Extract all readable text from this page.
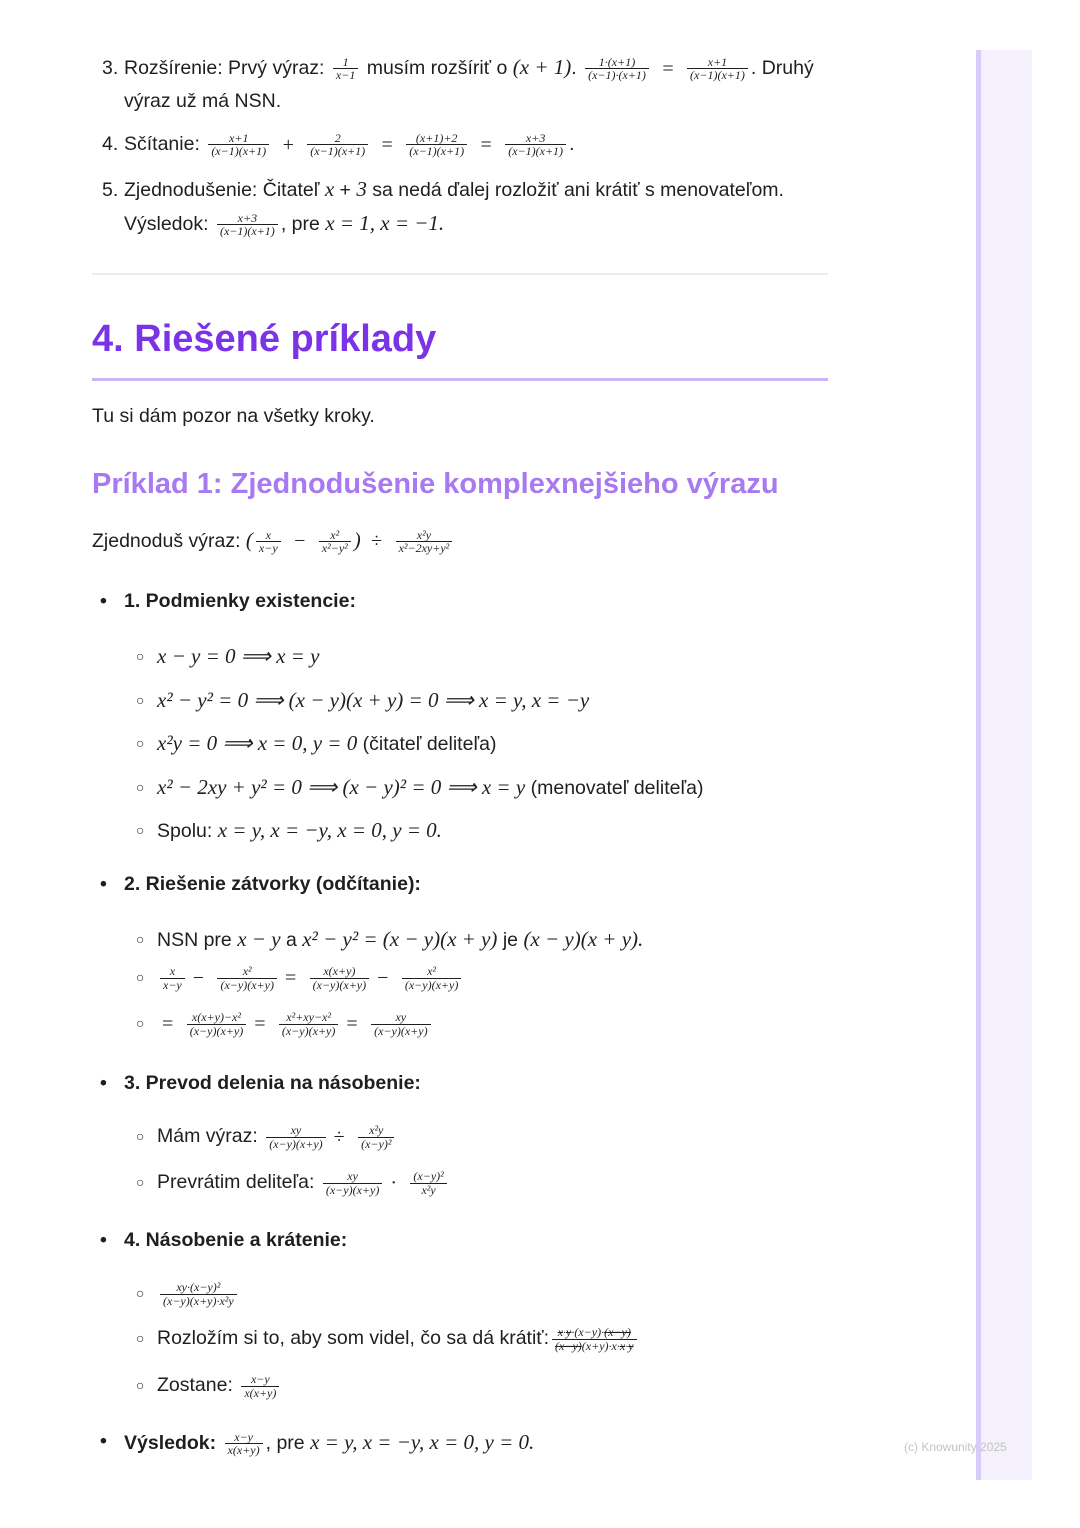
(c) Knowunity 2025
3. Rozšírenie: Prvý výraz: $\frac{1}{x-1}$ musím rozšíriť o (x + 1). $\frac{1\cdot(x+1)}{(x-1)\cdot(x+1)} = \frac{x+1}{(x-1)(x+1)}$ . Druhý
výraz už má NSN.
4. Sčítanie: $\frac{x+1}{(x-1)(x+1)} + \frac{2}{(x-1)(x+1)} = \frac{(x+1)+2}{(x-1)(x+1)} = \frac{x+3}{(x-1)(x+1)}$ .
5. Zjednodušenie: Čitateľ x + 3 sa nedá ďalej rozložiť ani krátiť s menovateľom.
Výsledok: $\frac{x+3}{(x-1)(x+1)}$ , pre x = 1, x = −1.
4. Riešené príklady
Tu si dám pozor na všetky kroky.
Príklad 1: Zjednodušenie komplexnejšieho výrazu
Zjednoduš výraz: ( $\frac{x}{x-y} - \frac{\text{x²}}{\text{x²−y²}}$ ) ÷ $\frac{\text{x²y}}{\text{x²−2xy+y²}}$
• 1. Podmienky existencie:
○ x − y = 0 ⟹ x = y
○ x² − y² = 0 ⟹ (x − y)(x + y) = 0 ⟹ x = y, x = −y
○ x²y = 0 ⟹ x = 0, y = 0 (čitateľ deliteľa)
○ x² − 2xy + y² = 0 ⟹ (x − y)² = 0 ⟹ x = y (menovateľ deliteľa)
○ Spolu: x = y, x = −y, x = 0, y = 0.
• 2. Riešenie zátvorky (odčítanie):
○ NSN pre x − y a x² − y² = (x − y)(x + y) je (x − y)(x + y).
○ $\frac{x}{x-y} - \frac{\text{x²}}{(x-y)(x+y)} = \frac{x(x+y)}{(x-y)(x+y)} - \frac{\text{x²}}{(x-y)(x+y)}$
○ = $\frac{\text{x(x+y)−x²}}{(x-y)(x+y)} = \frac{\text{x²+xy−x²}}{(x-y)(x+y)} = \frac{xy}{(x-y)(x+y)}$
• 3. Prevod delenia na násobenie:
○ Mám výraz: $\frac{xy}{(x-y)(x+y)} \div \frac{\text{x²y}}{\text{(x−y)²}}$
○ Prevrátim deliteľa: $\frac{xy}{(x-y)(x+y)} \cdot \frac{\text{(x−y)²}}{\text{x²y}}$
• 4. Násobenie a krátenie:
○ $\frac{\text{xy·(x−y)²}}{\text{(x−y)(x+y)·x²y}}$
○ Rozložím si to, aby som videl, čo sa dá krátiť: $\frac{x\cdot y\cdot(x-y)\cdot(x-y)}{(x-y)(x+y)\cdot x\cdot x\cdot y}$
○ Zostane: $\frac{x-y}{x(x+y)}$
• Výsledok: $\frac{x-y}{x(x+y)}$ , pre x = y, x = −y, x = 0, y = 0.
